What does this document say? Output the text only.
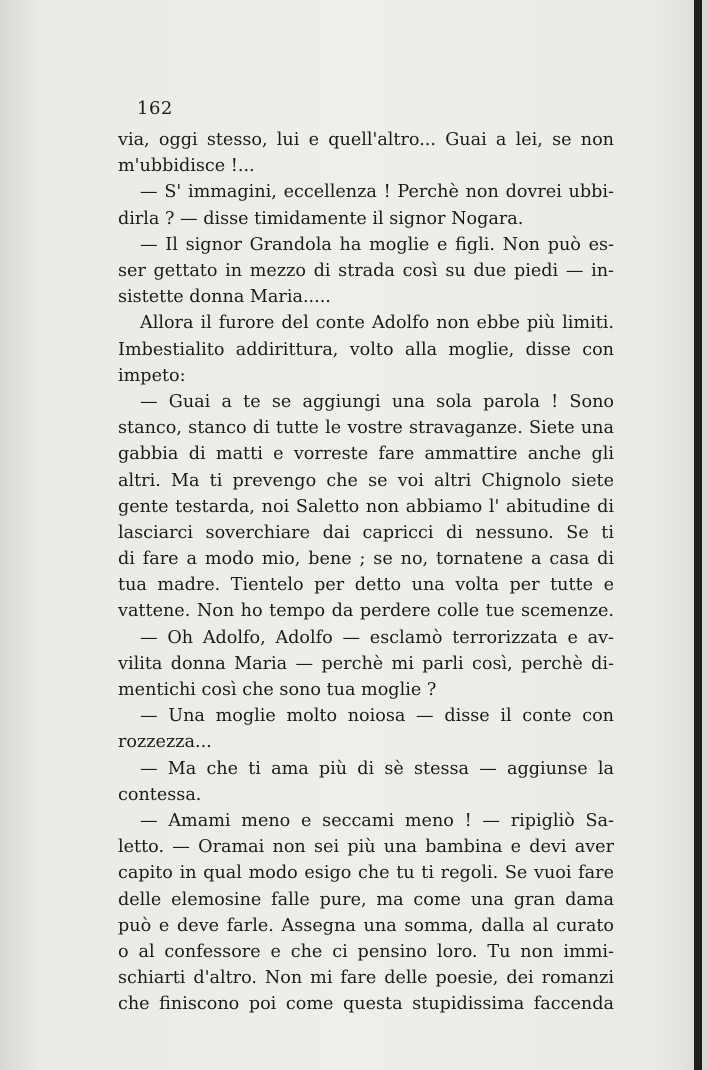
162
via, oggi stesso, lui e quell'altro... Guai a lei, se non
m'ubbidisce !...
— S' immagini, eccellenza ! Perchè non dovrei ubbi-
dirla ? — disse timidamente il signor Nogara.
— Il signor Grandola ha moglie e figli. Non può es-
ser gettato in mezzo di strada così su due piedi — in-
sistette donna Maria.....
Allora il furore del conte Adolfo non ebbe più limiti.
Imbestialito addirittura, volto alla moglie, disse con
impeto:
— Guai a te se aggiungi una sola parola ! Sono
stanco, stanco di tutte le vostre stravaganze. Siete una
gabbia di matti e vorreste fare ammattire anche gli
altri. Ma ti prevengo che se voi altri Chignolo siete
gente testarda, noi Saletto non abbiamo l' abitudine di
lasciarci soverchiare dai capricci di nessuno. Se ti
di fare a modo mio, bene ; se no, tornatene a casa di
tua madre. Tientelo per detto una volta per tutte e
vattene. Non ho tempo da perdere colle tue scemenze.
— Oh Adolfo, Adolfo — esclamò terrorizzata e av-
vilita donna Maria — perchè mi parli così, perchè di-
mentichi così che sono tua moglie ?
— Una moglie molto noiosa — disse il conte con
rozzezza...
— Ma che ti ama più di sè stessa — aggiunse la
contessa.
— Amami meno e seccami meno ! — ripigliò Sa-
letto. — Oramai non sei più una bambina e devi aver
capito in qual modo esigo che tu ti regoli. Se vuoi fare
delle elemosine falle pure, ma come una gran dama
può e deve farle. Assegna una somma, dalla al curato
o al confessore e che ci pensino loro. Tu non immi-
schiarti d'altro. Non mi fare delle poesie, dei romanzi
che finiscono poi come questa stupidissima faccenda
